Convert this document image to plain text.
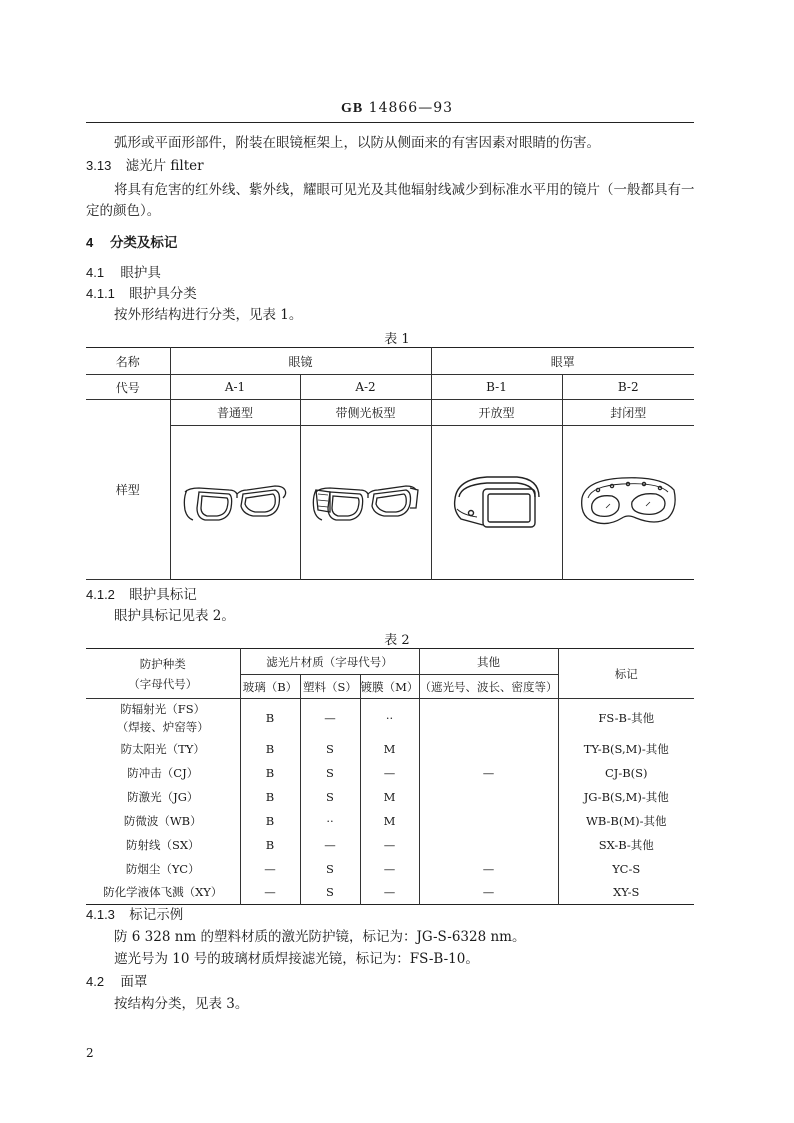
GB 14866—93
弧形或平面形部件，附装在眼镜框架上，以防从侧面来的有害因素对眼睛的伤害。
3.13 滤光片 filter
将具有危害的红外线、紫外线，耀眼可见光及其他辐射线减少到标准水平用的镜片（一般都具有一
定的颜色）。
4 分类及标记
4.1 眼护具
4.1.1 眼护具分类
按外形结构进行分类，见表 1。
表 1
名称	眼镜		眼罩	
代号	A-1	A-2	B-1	B-2
样型	普通型	带侧光板型	开放型	封闭型

4.1.2 眼护具标记
眼护具标记见表 2。
表 2
防护种类
（字母代号）	滤光片材质（字母代号）			其他	标记
	玻璃（B）	塑料（S）	镀膜（M）	（遮光号、波长、密度等）	

防辐射光（FS）
（焊接、炉窑等）	B	—	··		FS-B-其他
防太阳光（TY）	B	S	M		TY-B(S,M)-其他
防冲击（CJ）	B	S	—	—	CJ-B(S)
防激光（JG）	B	S	M		JG-B(S,M)-其他
防微波（WB）	B	··	M		WB-B(M)-其他
防射线（SX）	B	—	—		SX-B-其他
防烟尘（YC）	—	S	—	—	YC-S
防化学液体飞溅（XY）	—	S	—	—	XY-S
4.1.3 标记示例
防 6 328 nm 的塑料材质的激光防护镜，标记为：JG-S-6328 nm。
遮光号为 10 号的玻璃材质焊接滤光镜，标记为：FS-B-10。
4.2 面罩
按结构分类，见表 3。
2
